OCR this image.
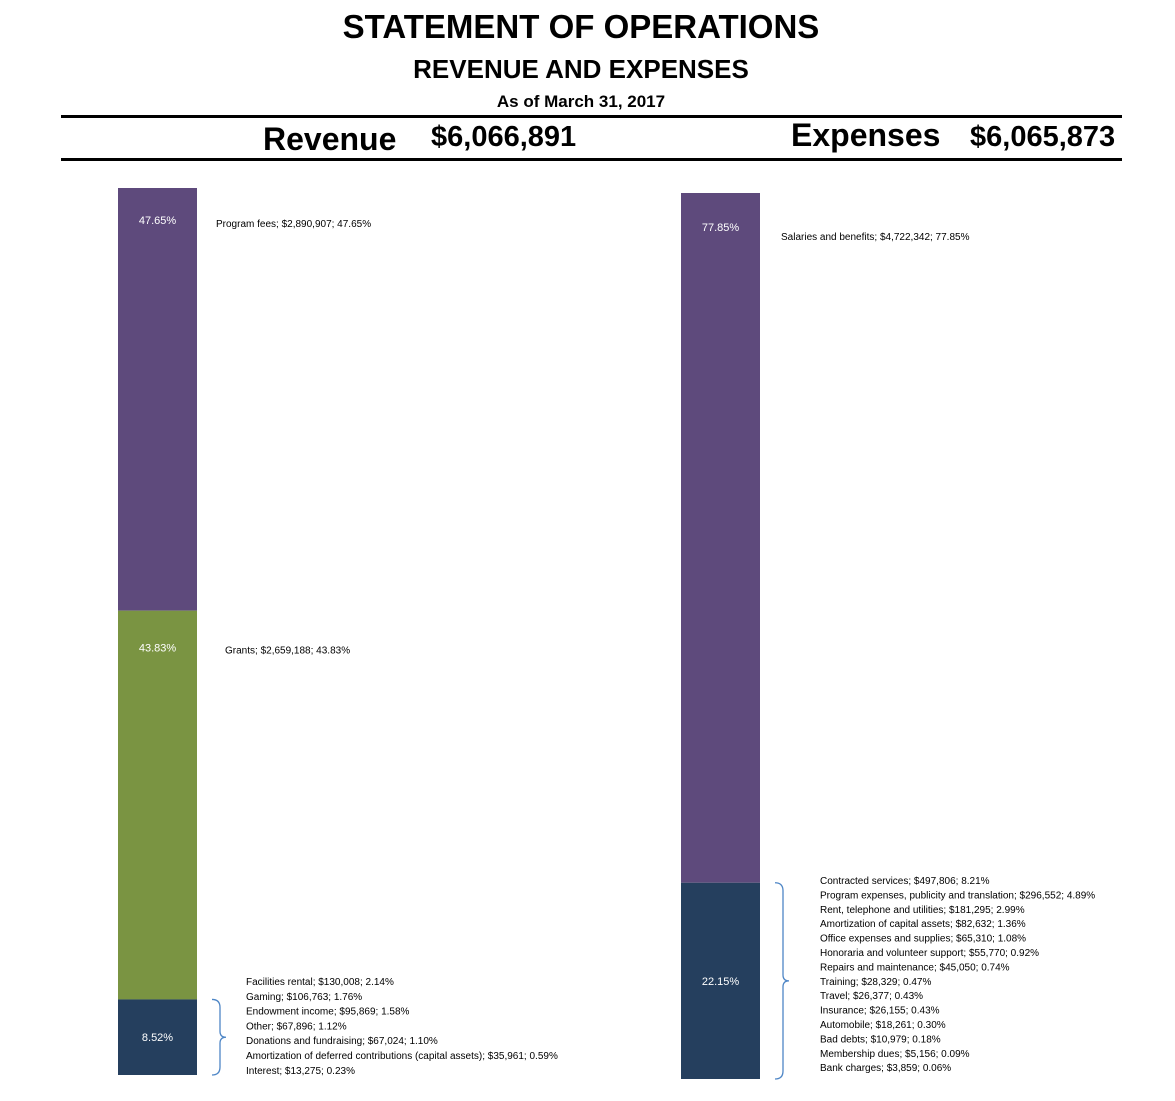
STATEMENT OF OPERATIONS
REVENUE AND EXPENSES
As of March 31, 2017
Revenue $6,066,891	Expenses $6,065,873
47.65%	Program fees; $2,890,907; 47.65%
43.83%	Grants; $2,659,188; 43.83%
8.52%
Facilities rental; $130,008; 2.14%
Gaming; $106,763; 1.76%
Endowment income; $95,869; 1.58%
Other; $67,896; 1.12%
Donations and fundraising; $67,024; 1.10%
Amortization of deferred contributions (capital assets); $35,961; 0.59%
Interest; $13,275; 0.23%
77.85%
Salaries and benefits; $4,722,342; 77.85%
22.15%
Contracted services; $497,806; 8.21%
Program expenses, publicity and translation; $296,552; 4.89%
Rent, telephone and utilities; $181,295; 2.99%
Amortization of capital assets; $82,632; 1.36%
Office expenses and supplies; $65,310; 1.08%
Honoraria and volunteer support; $55,770; 0.92%
Repairs and maintenance; $45,050; 0.74%
Training; $28,329; 0.47%
Travel; $26,377; 0.43%
Insurance; $26,155; 0.43%
Automobile; $18,261; 0.30%
Bad debts; $10,979; 0.18%
Membership dues; $5,156; 0.09%
Bank charges; $3,859; 0.06%
